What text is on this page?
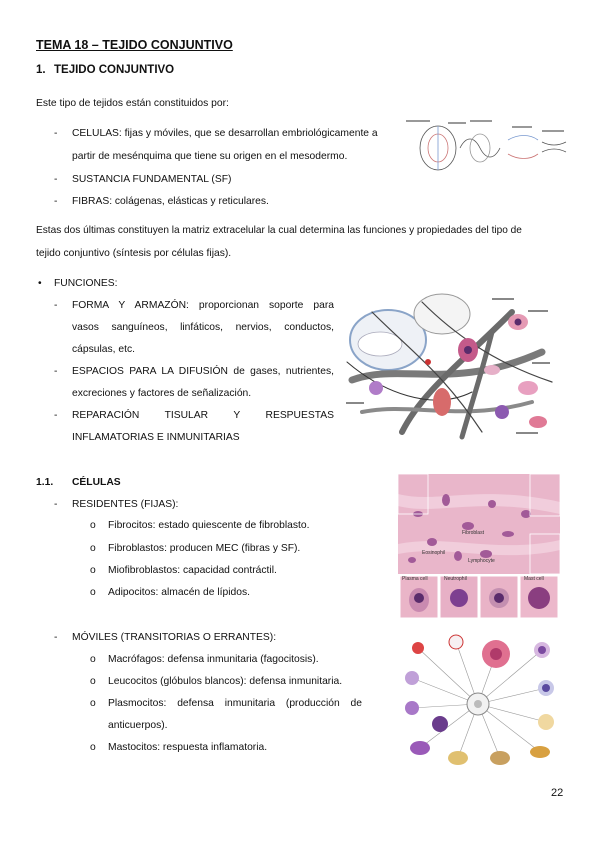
TEMA 18 – TEJIDO CONJUNTIVO
1. TEJIDO CONJUNTIVO
Este tipo de tejidos están constituidos por:
- CELULAS: fijas y móviles, que se desarrollan embriológicamente a
partir de mesénquima que tiene su origen en el mesodermo.
- SUSTANCIA FUNDAMENTAL (SF)
- FIBRAS: colágenas, elásticas y reticulares.
Estas dos últimas constituyen la matriz extracelular la cual determina las funciones y propiedades del tipo de
tejido conjuntivo (síntesis por células fijas).
• FUNCIONES:
- FORMA Y ARMAZÓN: proporcionan soporte para
vasos sanguíneos, linfáticos, nervios, conductos,
cápsulas, etc.
- ESPACIOS PARA LA DIFUSIÓN de gases, nutrientes,
excreciones y factores de señalización.
- REPARACIÓN TISULAR Y RESPUESTAS
INFLAMATORIAS E INMUNITARIAS
1.1. CÉLULAS
- RESIDENTES (FIJAS):
o Fibrocitos: estado quiescente de fibroblasto.
o Fibroblastos: producen MEC (fibras y SF).
o Miofibroblastos: capacidad contráctil.
o Adipocitos: almacén de lípidos.
Fibroblast
Eosinophil
Lymphocyte
Plasma cell	Neutrophil	Mast cell
- MÓVILES (TRANSITORIAS O ERRANTES):
o Macrófagos: defensa inmunitaria (fagocitosis).
o Leucocitos (glóbulos blancos): defensa inmunitaria.
o Plasmocitos: defensa inmunitaria (producción de
anticuerpos).
o Mastocitos: respuesta inflamatoria.
22
